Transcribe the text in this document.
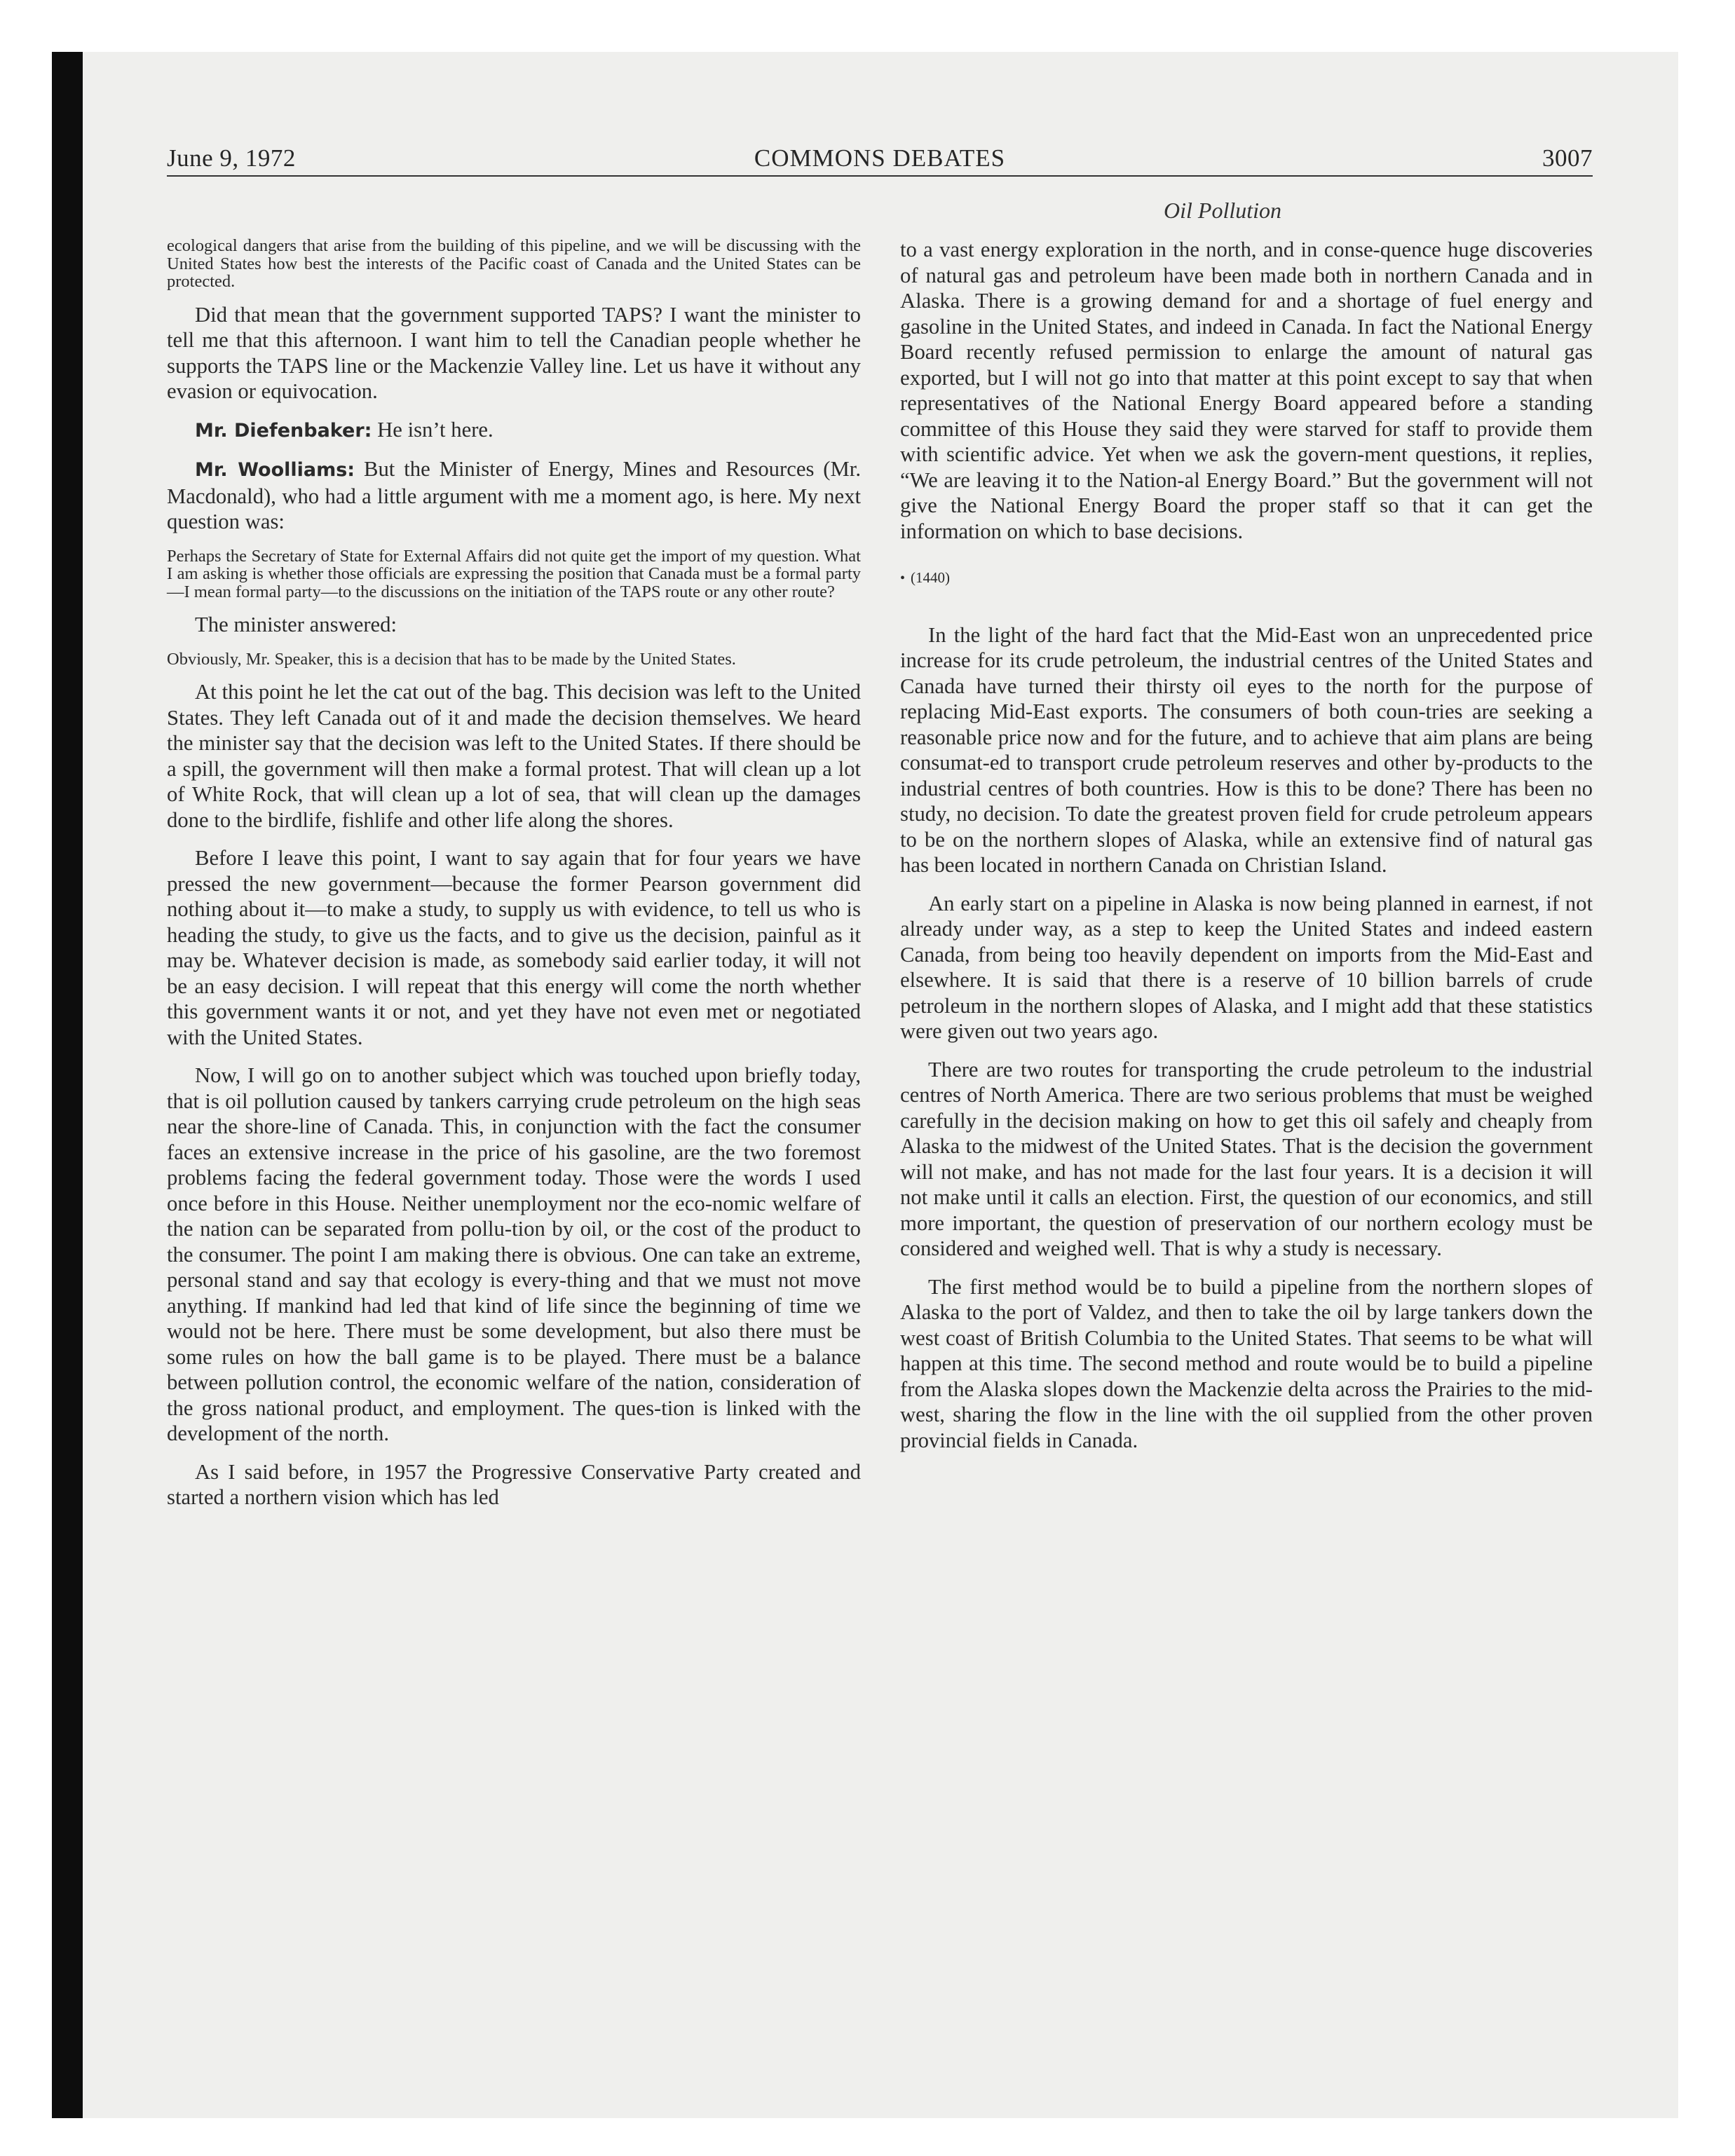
June 9, 1972	COMMONS DEBATES	3007
Oil Pollution

ecological dangers that arise from the building of this pipeline, and we will be discussing with the United States how best the interests of the Pacific coast of Canada and the United States can be protected.

Did that mean that the government supported TAPS? I want the minister to tell me that this afternoon. I want him to tell the Canadian people whether he supports the TAPS line or the Mackenzie Valley line. Let us have it without any evasion or equivocation.

Mr. Diefenbaker: He isn’t here.

Mr. Woolliams: But the Minister of Energy, Mines and Resources (Mr. Macdonald), who had a little argument with me a moment ago, is here. My next question was:

Perhaps the Secretary of State for External Affairs did not quite get the import of my question. What I am asking is whether those officials are expressing the position that Canada must be a formal party—I mean formal party—to the discussions on the initiation of the TAPS route or any other route?

The minister answered:

Obviously, Mr. Speaker, this is a decision that has to be made by the United States.

At this point he let the cat out of the bag. This decision was left to the United States. They left Canada out of it and made the decision themselves. We heard the minister say that the decision was left to the United States. If there should be a spill, the government will then make a formal protest. That will clean up a lot of White Rock, that will clean up a lot of sea, that will clean up the damages done to the birdlife, fishlife and other life along the shores.

Before I leave this point, I want to say again that for four years we have pressed the new government—because the former Pearson government did nothing about it—to make a study, to supply us with evidence, to tell us who is heading the study, to give us the facts, and to give us the decision, painful as it may be. Whatever decision is made, as somebody said earlier today, it will not be an easy decision. I will repeat that this energy will come the north whether this government wants it or not, and yet they have not even met or negotiated with the United States.

Now, I will go on to another subject which was touched upon briefly today, that is oil pollution caused by tankers carrying crude petroleum on the high seas near the shore-line of Canada. This, in conjunction with the fact the consumer faces an extensive increase in the price of his gasoline, are the two foremost problems facing the federal government today. Those were the words I used once before in this House. Neither unemployment nor the eco-nomic welfare of the nation can be separated from pollu-tion by oil, or the cost of the product to the consumer. The point I am making there is obvious. One can take an extreme, personal stand and say that ecology is every-thing and that we must not move anything. If mankind had led that kind of life since the beginning of time we would not be here. There must be some development, but also there must be some rules on how the ball game is to be played. There must be a balance between pollution control, the economic welfare of the nation, consideration of the gross national product, and employment. The ques-tion is linked with the development of the north.

As I said before, in 1957 the Progressive Conservative Party created and started a northern vision which has led

to a vast energy exploration in the north, and in conse-quence huge discoveries of natural gas and petroleum have been made both in northern Canada and in Alaska. There is a growing demand for and a shortage of fuel energy and gasoline in the United States, and indeed in Canada. In fact the National Energy Board recently refused permission to enlarge the amount of natural gas exported, but I will not go into that matter at this point except to say that when representatives of the National Energy Board appeared before a standing committee of this House they said they were starved for staff to provide them with scientific advice. Yet when we ask the govern-ment questions, it replies, “We are leaving it to the Nation-al Energy Board.” But the government will not give the National Energy Board the proper staff so that it can get the information on which to base decisions.

• (1440)

In the light of the hard fact that the Mid-East won an unprecedented price increase for its crude petroleum, the industrial centres of the United States and Canada have turned their thirsty oil eyes to the north for the purpose of replacing Mid-East exports. The consumers of both coun-tries are seeking a reasonable price now and for the future, and to achieve that aim plans are being consumat-ed to transport crude petroleum reserves and other by-products to the industrial centres of both countries. How is this to be done? There has been no study, no decision. To date the greatest proven field for crude petroleum appears to be on the northern slopes of Alaska, while an extensive find of natural gas has been located in northern Canada on Christian Island.

An early start on a pipeline in Alaska is now being planned in earnest, if not already under way, as a step to keep the United States and indeed eastern Canada, from being too heavily dependent on imports from the Mid-East and elsewhere. It is said that there is a reserve of 10 billion barrels of crude petroleum in the northern slopes of Alaska, and I might add that these statistics were given out two years ago.

There are two routes for transporting the crude petroleum to the industrial centres of North America. There are two serious problems that must be weighed carefully in the decision making on how to get this oil safely and cheaply from Alaska to the midwest of the United States. That is the decision the government will not make, and has not made for the last four years. It is a decision it will not make until it calls an election. First, the question of our economics, and still more important, the question of preservation of our northern ecology must be considered and weighed well. That is why a study is necessary.

The first method would be to build a pipeline from the northern slopes of Alaska to the port of Valdez, and then to take the oil by large tankers down the west coast of British Columbia to the United States. That seems to be what will happen at this time. The second method and route would be to build a pipeline from the Alaska slopes down the Mackenzie delta across the Prairies to the mid-west, sharing the flow in the line with the oil supplied from the other proven provincial fields in Canada.
